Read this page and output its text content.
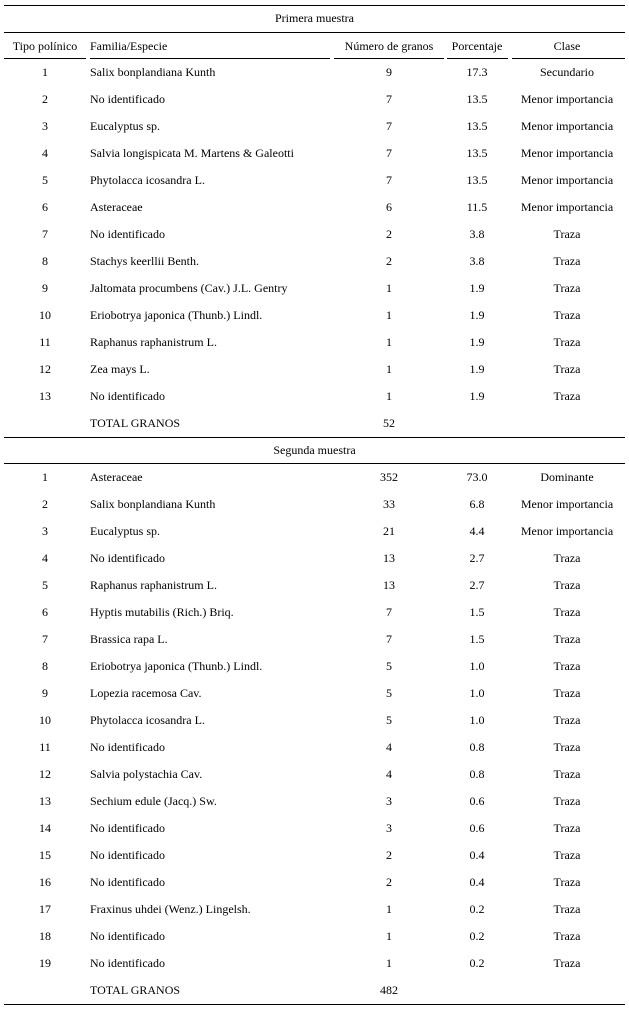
Primera muestra
Tipo polínico	Familia/Especie	Número de granos	Porcentaje	Clase
1	Salix bonplandiana Kunth	9	17.3	Secundario
2	No identificado	7	13.5	Menor importancia
3	Eucalyptus sp.	7	13.5	Menor importancia
4	Salvia longispicata M. Martens & Galeotti	7	13.5	Menor importancia
5	Phytolacca icosandra L.	7	13.5	Menor importancia
6	Asteraceae	6	11.5	Menor importancia
7	No identificado	2	3.8	Traza
8	Stachys keerllii Benth.	2	3.8	Traza
9	Jaltomata procumbens (Cav.) J.L. Gentry	1	1.9	Traza
10	Eriobotrya japonica (Thunb.) Lindl.	1	1.9	Traza
11	Raphanus raphanistrum L.	1	1.9	Traza
12	Zea mays L.	1	1.9	Traza
13	No identificado	1	1.9	Traza
TOTAL GRANOS	52
Segunda muestra
1	Asteraceae	352	73.0	Dominante
2	Salix bonplandiana Kunth	33	6.8	Menor importancia
3	Eucalyptus sp.	21	4.4	Menor importancia
4	No identificado	13	2.7	Traza
5	Raphanus raphanistrum L.	13	2.7	Traza
6	Hyptis mutabilis (Rich.) Briq.	7	1.5	Traza
7	Brassica rapa L.	7	1.5	Traza
8	Eriobotrya japonica (Thunb.) Lindl.	5	1.0	Traza
9	Lopezia racemosa Cav.	5	1.0	Traza
10	Phytolacca icosandra L.	5	1.0	Traza
11	No identificado	4	0.8	Traza
12	Salvia polystachia Cav.	4	0.8	Traza
13	Sechium edule (Jacq.) Sw.	3	0.6	Traza
14	No identificado	3	0.6	Traza
15	No identificado	2	0.4	Traza
16	No identificado	2	0.4	Traza
17	Fraxinus uhdei (Wenz.) Lingelsh.	1	0.2	Traza
18	No identificado	1	0.2	Traza
19	No identificado	1	0.2	Traza
TOTAL GRANOS	482
